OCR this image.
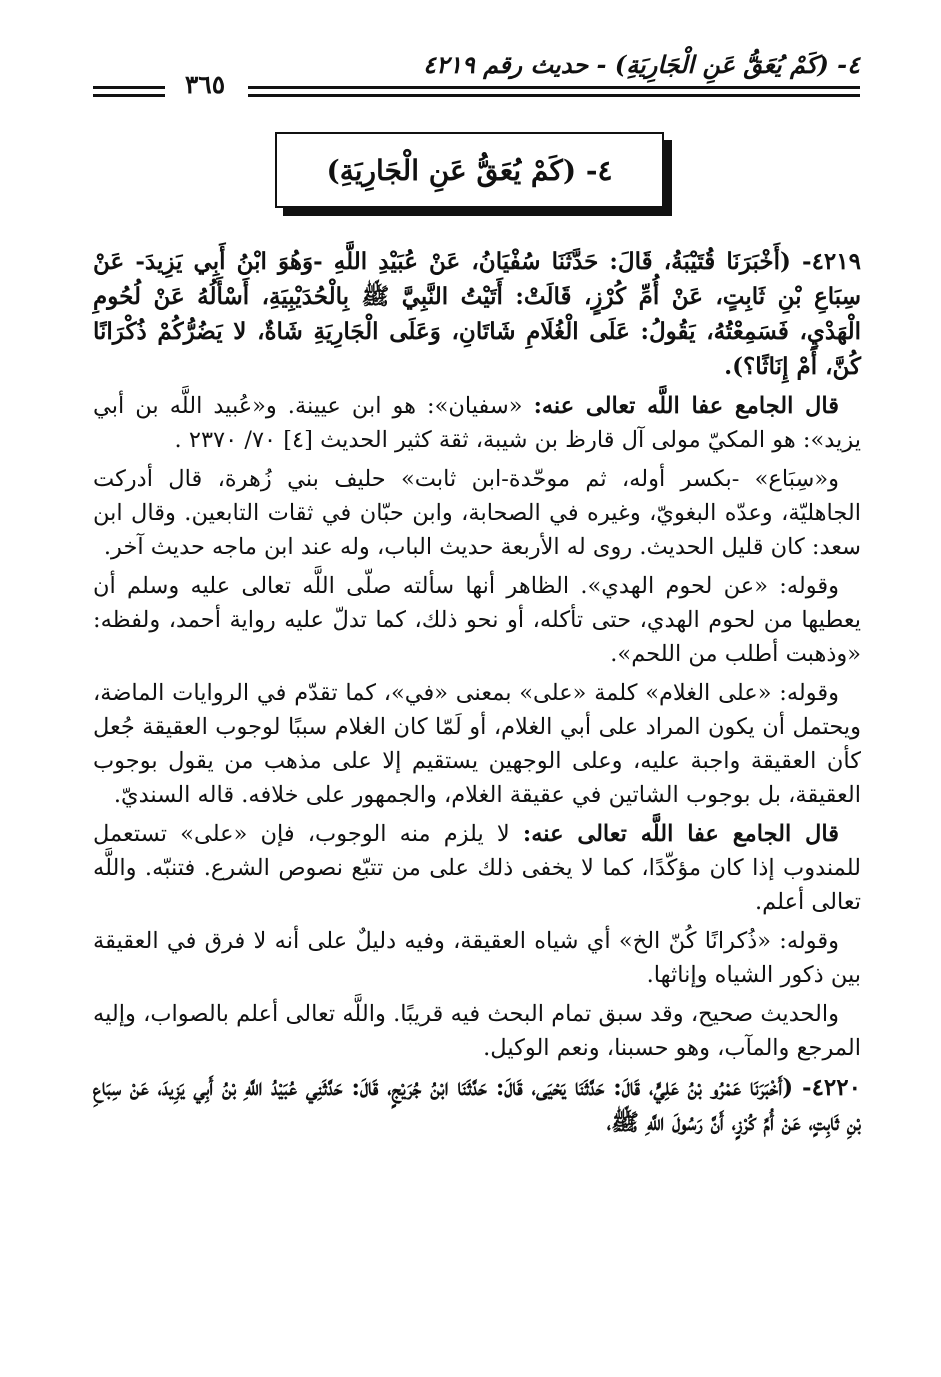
٤- (كَمْ يُعَقُّ عَنِ الْجَارِيَةِ) - حديث رقم ٤٢١٩
٣٦٥
٤- (كَمْ يُعَقُّ عَنِ الْجَارِيَةِ)

٤٢١٩- (أَخْبَرَنَا قُتَيْبَةُ، قَالَ: حَدَّثَنَا سُفْيَانُ، عَنْ عُبَيْدِ اللَّهِ -وَهُوَ ابْنُ أَبِي يَزِيدَ- عَنْ سِبَاعِ بْنِ ثَابِتٍ، عَنْ أُمِّ كُرْزٍ، قَالَتْ: أَتَيْتُ النَّبِيَّ ﷺ بِالْحُدَيْبِيَةِ، أَسْأَلُهُ عَنْ لُحُومِ الْهَدْيِ، فَسَمِعْتُهُ، يَقُولُ: عَلَى الْغُلَامِ شَاتَانِ، وَعَلَى الْجَارِيَةِ شَاةٌ، لا يَضُرُّكُمْ ذُكْرَانًا كُنَّ، أَمْ إِنَاثًا؟).

قال الجامع عفا اللَّه تعالى عنه: «سفيان»: هو ابن عيينة. و«عُبيد اللَّه بن أبي يزيد»: هو المكيّ مولى آل قارظ بن شيبة، ثقة كثير الحديث [٤] ٧٠/ ٢٣٧٠ .

و«سِبَاع» -بكسر أوله، ثم موحّدة-ابن ثابت» حليف بني زُهرة، قال أدركت الجاهليّة، وعدّه البغويّ، وغيره في الصحابة، وابن حبّان في ثقات التابعين. وقال ابن سعد: كان قليل الحديث. روى له الأربعة حديث الباب، وله عند ابن ماجه حديث آخر.

وقوله: «عن لحوم الهدي». الظاهر أنها سألته صلّى اللَّه تعالى عليه وسلم أن يعطيها من لحوم الهدي، حتى تأكله، أو نحو ذلك، كما تدلّ عليه رواية أحمد، ولفظه: «وذهبت أطلب من اللحم».

وقوله: «على الغلام» كلمة «على» بمعنى «في»، كما تقدّم في الروايات الماضة، ويحتمل أن يكون المراد على أبي الغلام، أو لَمّا كان الغلام سببًا لوجوب العقيقة جُعل كأن العقيقة واجبة عليه، وعلى الوجهين يستقيم إلا على مذهب من يقول بوجوب العقيقة، بل بوجوب الشاتين في عقيقة الغلام، والجمهور على خلافه. قاله السنديّ.

قال الجامع عفا اللَّه تعالى عنه: لا يلزم منه الوجوب، فإن «على» تستعمل للمندوب إذا كان مؤكّدًا، كما لا يخفى ذلك على من تتبّع نصوص الشرع. فتنبّه. واللَّه تعالى أعلم.

وقوله: «ذُكرانًا كُنّ الخ» أي شياه العقيقة، وفيه دليلٌ على أنه لا فرق في العقيقة بين ذكور الشياه وإناثها.

والحديث صحيح، وقد سبق تمام البحث فيه قريبًا. واللَّه تعالى أعلم بالصواب، وإليه المرجع والمآب، وهو حسبنا، ونعم الوكيل.

٤٢٢٠- (أَخْبَرَنَا عَمْرُو بْنُ عَلِيٍّ، قَالَ: حَدَّثَنَا يَحْيَى، قَالَ: حَدَّثَنَا ابْنُ جُرَيْجٍ، قَالَ: حَدَّثَنِي عُبَيْدُ اللَّهِ بْنُ أَبِي يَزِيدَ، عَنْ سِبَاعِ بْنِ ثَابِتٍ، عَنْ أُمِّ كُرْزٍ، أَنَّ رَسُولَ اللَّهِ ﷺ،
